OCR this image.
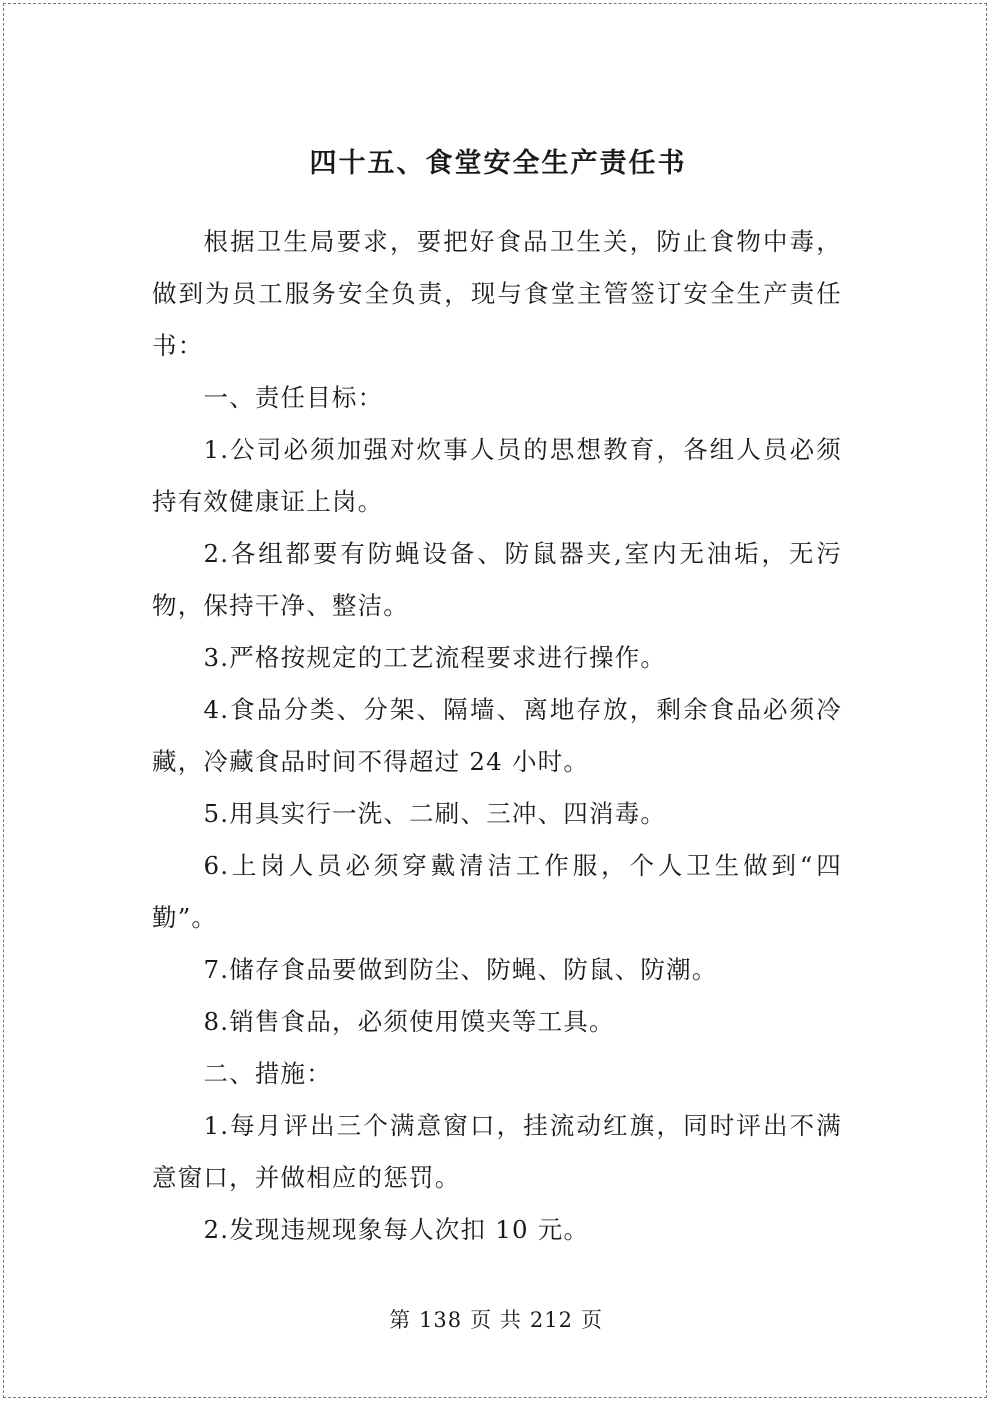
四十五、食堂安全生产责任书

根据卫生局要求，要把好食品卫生关，防止食物中毒，做到为员工服务安全负责，现与食堂主管签订安全生产责任书：

一、责任目标：

1.公司必须加强对炊事人员的思想教育，各组人员必须持有效健康证上岗。

2.各组都要有防蝇设备、防鼠器夹,室内无油垢，无污物，保持干净、整洁。

3.严格按规定的工艺流程要求进行操作。

4.食品分类、分架、隔墙、离地存放，剩余食品必须冷藏，冷藏食品时间不得超过 24 小时。

5.用具实行一洗、二刷、三冲、四消毒。

6.上岗人员必须穿戴清洁工作服，个人卫生做到“四勤”。

7.储存食品要做到防尘、防蝇、防鼠、防潮。

8.销售食品，必须使用馍夹等工具。

二、措施：

1.每月评出三个满意窗口，挂流动红旗，同时评出不满意窗口，并做相应的惩罚。

2.发现违规现象每人次扣 10 元。

第 138 页 共 212 页
